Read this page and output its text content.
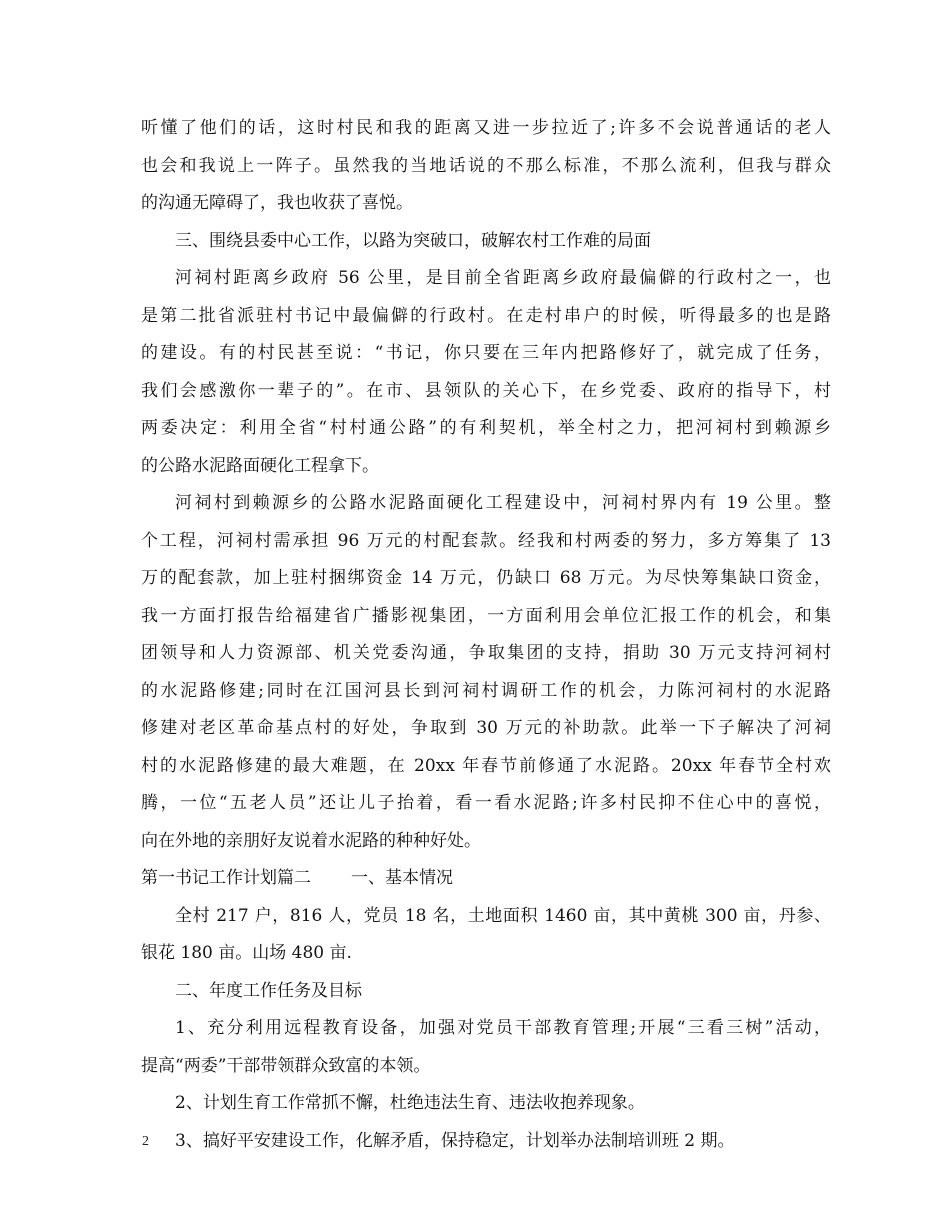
听懂了他们的话，这时村民和我的距离又进一步拉近了;许多不会说普通话的老人
也会和我说上一阵子。虽然我的当地话说的不那么标准，不那么流利，但我与群众
的沟通无障碍了，我也收获了喜悦。
三、围绕县委中心工作，以路为突破口，破解农村工作难的局面
河祠村距离乡政府 56 公里，是目前全省距离乡政府最偏僻的行政村之一，也
是第二批省派驻村书记中最偏僻的行政村。在走村串户的时候，听得最多的也是路
的建设。有的村民甚至说：“书记，你只要在三年内把路修好了，就完成了任务，
我们会感激你一辈子的”。在市、县领队的关心下，在乡党委、政府的指导下，村
两委决定：利用全省“村村通公路”的有利契机，举全村之力，把河祠村到赖源乡
的公路水泥路面硬化工程拿下。
河祠村到赖源乡的公路水泥路面硬化工程建设中，河祠村界内有 19 公里。整
个工程，河祠村需承担 96 万元的村配套款。经我和村两委的努力，多方筹集了 13
万的配套款，加上驻村捆绑资金 14 万元，仍缺口 68 万元。为尽快筹集缺口资金，
我一方面打报告给福建省广播影视集团，一方面利用会单位汇报工作的机会，和集
团领导和人力资源部、机关党委沟通，争取集团的支持，捐助 30 万元支持河祠村
的水泥路修建;同时在江国河县长到河祠村调研工作的机会，力陈河祠村的水泥路
修建对老区革命基点村的好处，争取到 30 万元的补助款。此举一下子解决了河祠
村的水泥路修建的最大难题，在 20xx 年春节前修通了水泥路。20xx 年春节全村欢
腾，一位“五老人员”还让儿子抬着，看一看水泥路;许多村民抑不住心中的喜悦，
向在外地的亲朋好友说着水泥路的种种好处。
第一书记工作计划篇二 一、基本情况
全村 217 户，816 人，党员 18 名，土地面积 1460 亩，其中黄桃 300 亩，丹参、
银花 180 亩。山场 480 亩.
二、年度工作任务及目标
1、充分利用远程教育设备，加强对党员干部教育管理;开展“三看三树”活动，
提高“两委”干部带领群众致富的本领。
2、计划生育工作常抓不懈，杜绝违法生育、违法收抱养现象。
3、搞好平安建设工作，化解矛盾，保持稳定，计划举办法制培训班 2 期。
2
